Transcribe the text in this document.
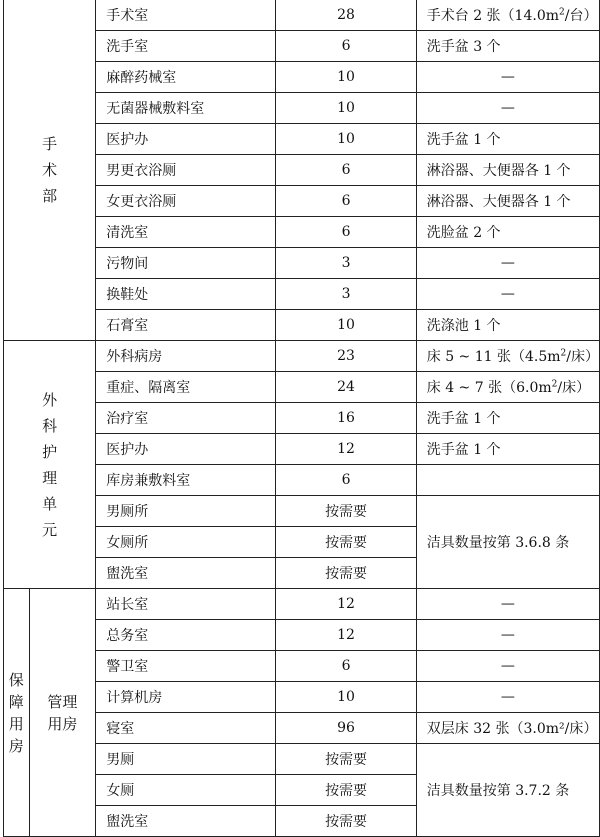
手术部		手术室	28	手术台 2 张（$14.0m^2/$台）
		洗手室	6	洗手盆 3 个
		麻醉药械室	10	—
		无菌器械敷料室	10	—
		医护办	10	洗手盆 1 个
		男更衣浴厕	6	淋浴器、大便器各 1 个
		女更衣浴厕	6	淋浴器、大便器各 1 个
		清洗室	6	洗脸盆 2 个
		污物间	3	—
		换鞋处	3	—
		石膏室	10	洗涤池 1 个
外科护理单元		外科病房	23	床 5 ~ 11 张（$4.5m^2/$床）
		重症、隔离室	24	床 4 ~ 7 张（$6.0m^2/$床）
		治疗室	16	洗手盆 1 个
		医护办	12	洗手盆 1 个
		库房兼敷料室	6	
		男厕所	按需要	洁具数量按第 3.6.8 条
		女厕所	按需要	
		盥洗室	按需要	
保障用房	管理用房	站长室	12	—
		总务室	12	—
		警卫室	6	—
		计算机房	10	—
		寝室	96	双层床 32 张（3.0m²/床）
		男厕	按需要	洁具数量按第 3.7.2 条
		女厕	按需要	
		盥洗室	按需要	
